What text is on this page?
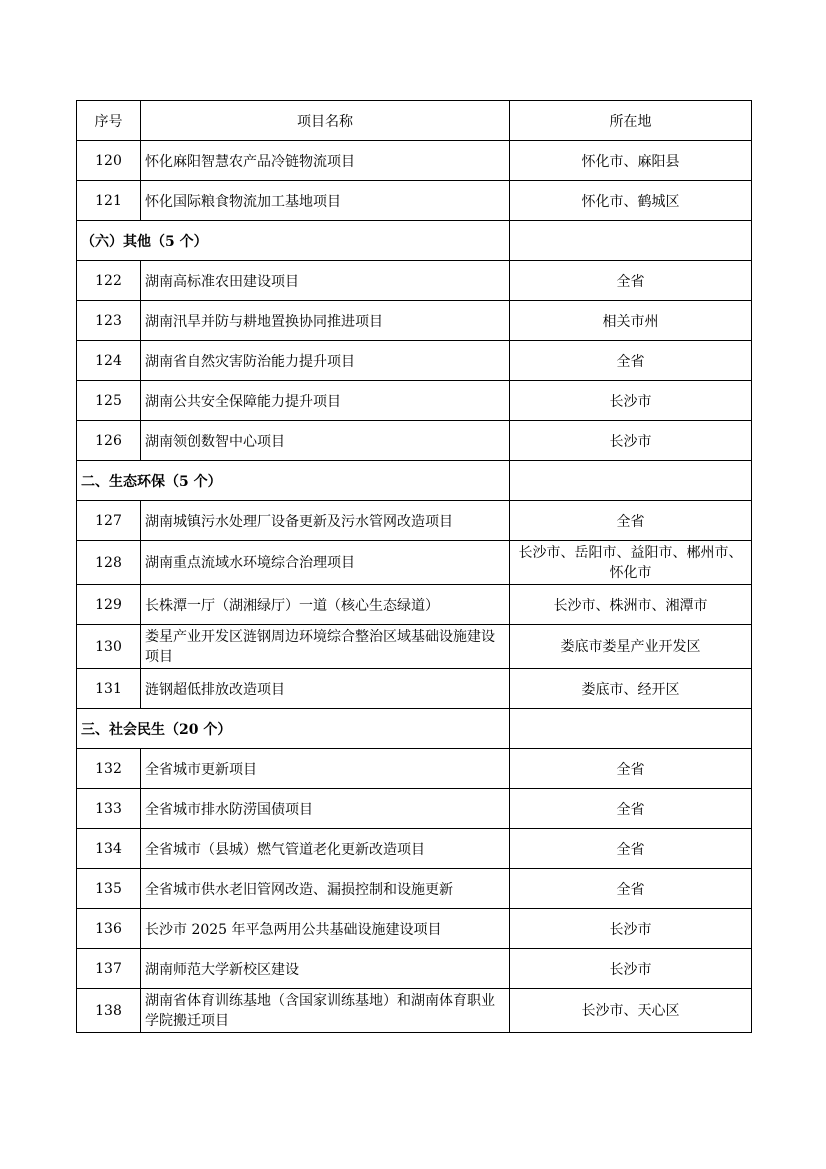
序号	项目名称	所在地
120	怀化麻阳智慧农产品冷链物流项目	怀化市、麻阳县
121	怀化国际粮食物流加工基地项目	怀化市、鹤城区
（六）其他（5 个）		
122	湖南高标准农田建设项目	全省
123	湖南汛旱并防与耕地置换协同推进项目	相关市州
124	湖南省自然灾害防治能力提升项目	全省
125	湖南公共安全保障能力提升项目	长沙市
126	湖南领创数智中心项目	长沙市
二、生态环保（5 个）		
127	湖南城镇污水处理厂设备更新及污水管网改造项目	全省
128	湖南重点流域水环境综合治理项目	长沙市、岳阳市、益阳市、郴州市、怀化市
129	长株潭一厅（湖湘绿厅）一道（核心生态绿道）	长沙市、株洲市、湘潭市
130	娄星产业开发区涟钢周边环境综合整治区域基础设施建设项目	娄底市娄星产业开发区
131	涟钢超低排放改造项目	娄底市、经开区
三、社会民生（20 个）		
132	全省城市更新项目	全省
133	全省城市排水防涝国债项目	全省
134	全省城市（县城）燃气管道老化更新改造项目	全省
135	全省城市供水老旧管网改造、漏损控制和设施更新	全省
136	长沙市 2025 年平急两用公共基础设施建设项目	长沙市
137	湖南师范大学新校区建设	长沙市
138	湖南省体育训练基地（含国家训练基地）和湖南体育职业学院搬迁项目	长沙市、天心区
